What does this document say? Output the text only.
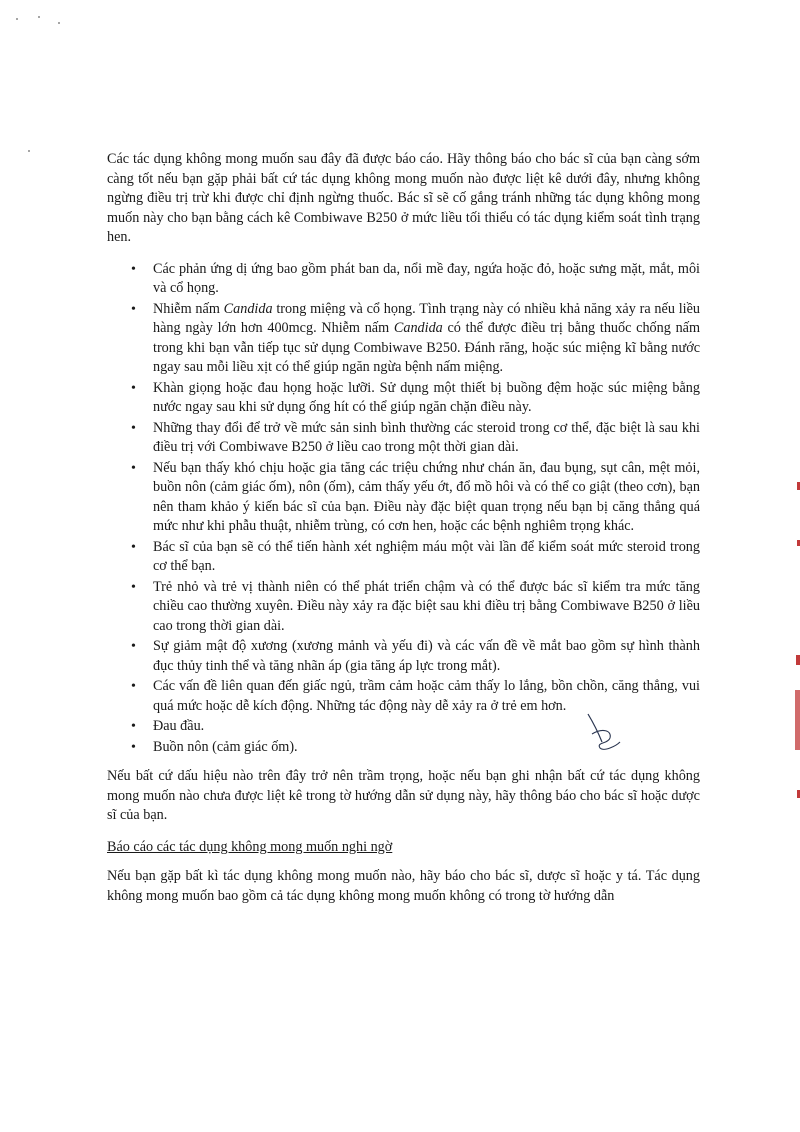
Các tác dụng không mong muốn sau đây đã được báo cáo. Hãy thông báo cho bác sĩ của bạn càng sớm càng tốt nếu bạn gặp phải bất cứ tác dụng không mong muốn nào được liệt kê dưới đây, nhưng không ngừng điều trị trừ khi được chỉ định ngừng thuốc. Bác sĩ sẽ cố gắng tránh những tác dụng không mong muốn này cho bạn bằng cách kê Combiwave B250 ở mức liều tối thiểu có tác dụng kiểm soát tình trạng hen.

• Các phản ứng dị ứng bao gồm phát ban da, nổi mề đay, ngứa hoặc đỏ, hoặc sưng mặt, mắt, môi và cổ họng.
• Nhiễm nấm Candida trong miệng và cổ họng. Tình trạng này có nhiều khả năng xảy ra nếu liều hàng ngày lớn hơn 400mcg. Nhiễm nấm Candida có thể được điều trị bằng thuốc chống nấm trong khi bạn vẫn tiếp tục sử dụng Combiwave B250. Đánh răng, hoặc súc miệng kĩ bằng nước ngay sau mỗi liều xịt có thể giúp ngăn ngừa bệnh nấm miệng.
• Khàn giọng hoặc đau họng hoặc lưỡi. Sử dụng một thiết bị buồng đệm hoặc súc miệng bằng nước ngay sau khi sử dụng ống hít có thể giúp ngăn chặn điều này.
• Những thay đổi để trở về mức sản sinh bình thường các steroid trong cơ thể, đặc biệt là sau khi điều trị với Combiwave B250 ở liều cao trong một thời gian dài.
• Nếu bạn thấy khó chịu hoặc gia tăng các triệu chứng như chán ăn, đau bụng, sụt cân, mệt mỏi, buồn nôn (cảm giác ốm), nôn (ốm), cảm thấy yếu ớt, đổ mồ hôi và có thể co giật (theo cơn), bạn nên tham khảo ý kiến bác sĩ của bạn. Điều này đặc biệt quan trọng nếu bạn bị căng thẳng quá mức như khi phẫu thuật, nhiễm trùng, có cơn hen, hoặc các bệnh nghiêm trọng khác.
• Bác sĩ của bạn sẽ có thể tiến hành xét nghiệm máu một vài lần để kiểm soát mức steroid trong cơ thể bạn.
• Trẻ nhỏ và trẻ vị thành niên có thể phát triển chậm và có thể được bác sĩ kiểm tra mức tăng chiều cao thường xuyên. Điều này xảy ra đặc biệt sau khi điều trị bằng Combiwave B250 ở liều cao trong thời gian dài.
• Sự giảm mật độ xương (xương mảnh và yếu đi) và các vấn đề về mắt bao gồm sự hình thành đục thủy tinh thể và tăng nhãn áp (gia tăng áp lực trong mắt).
• Các vấn đề liên quan đến giấc ngủ, trầm cảm hoặc cảm thấy lo lắng, bồn chồn, căng thẳng, vui quá mức hoặc dễ kích động. Những tác động này dễ xảy ra ở trẻ em hơn.
• Đau đầu.
• Buồn nôn (cảm giác ốm).

Nếu bất cứ dấu hiệu nào trên đây trở nên trầm trọng, hoặc nếu bạn ghi nhận bất cứ tác dụng không mong muốn nào chưa được liệt kê trong tờ hướng dẫn sử dụng này, hãy thông báo cho bác sĩ hoặc dược sĩ của bạn.

Báo cáo các tác dụng không mong muốn nghi ngờ

Nếu bạn gặp bất kì tác dụng không mong muốn nào, hãy báo cho bác sĩ, dược sĩ hoặc y tá. Tác dụng không mong muốn bao gồm cả tác dụng không mong muốn không có trong tờ hướng dẫn
